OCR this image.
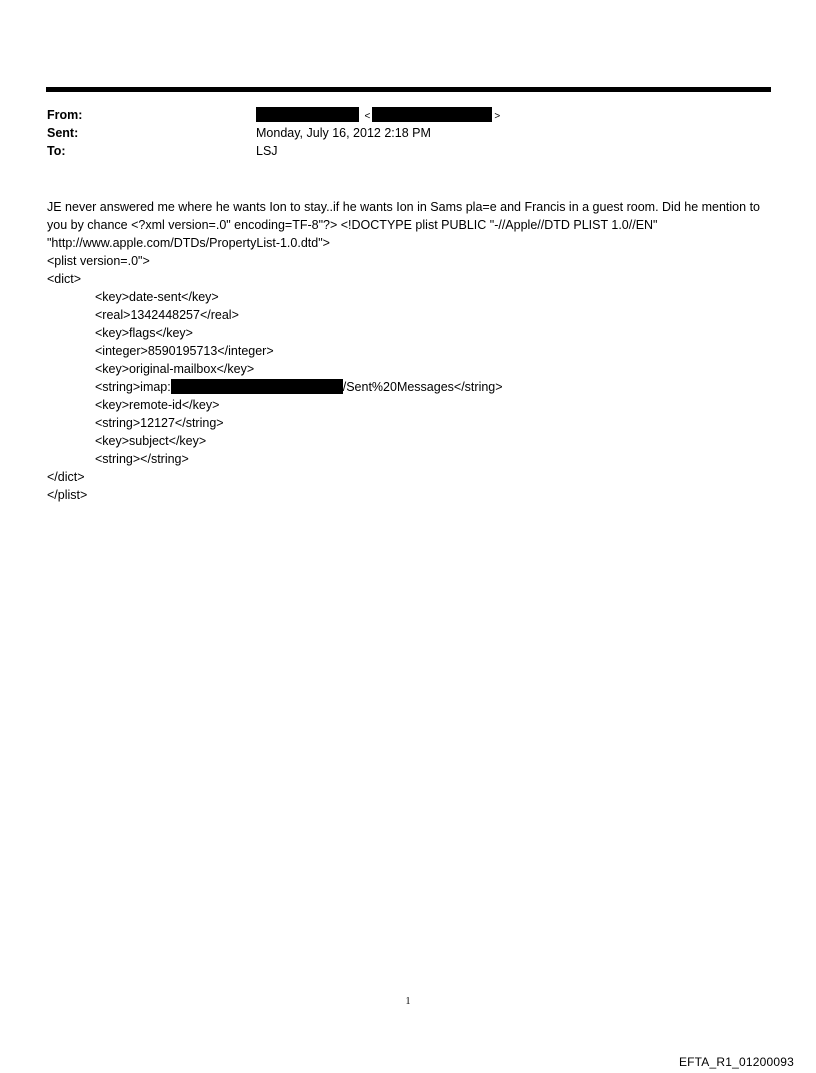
From:	<	>
Sent:	Monday, July 16, 2012 2:18 PM
To:	LSJ

JE never answered me where he wants Ion to stay..if he wants Ion in Sams pla=e and Francis in a guest room. Did he mention to you by chance <?xml version=.0" encoding=TF-8"?> <!DOCTYPE plist PUBLIC "-//Apple//DTD PLIST 1.0//EN" "http://www.apple.com/DTDs/PropertyList-1.0.dtd">

<plist version=.0">
<dict>
<key>date-sent</key>
<real>1342448257</real>
<key>flags</key>
<integer>8590195713</integer>
<key>original-mailbox</key>
<string>imap:	/Sent%20Messages</string>
<key>remote-id</key>
<string>12127</string>
<key>subject</key>
<string></string>
</dict>
</plist>
1
EFTA_R1_01200093
